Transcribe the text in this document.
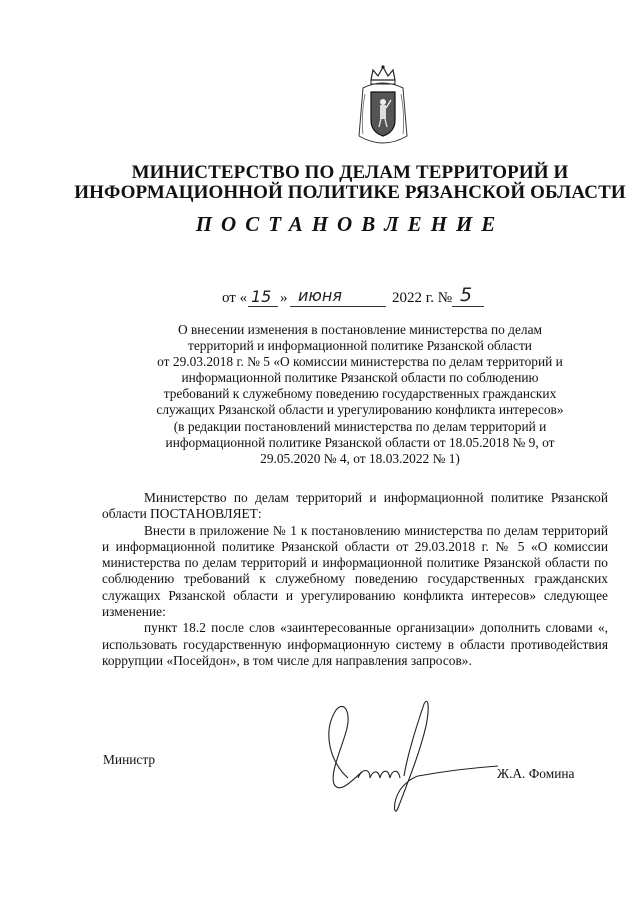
МИНИСТЕРСТВО ПО ДЕЛАМ ТЕРРИТОРИЙ И
ИНФОРМАЦИОННОЙ ПОЛИТИКЕ РЯЗАНСКОЙ ОБЛАСТИ
ПОСТАНОВЛЕНИЕ
от « 15 » июня	2022 г. № 5
О внесении изменения в постановление министерства по делам
территорий и информационной политике Рязанской области
от 29.03.2018 г. № 5 «О комиссии министерства по делам территорий и
информационной политике Рязанской области по соблюдению
требований к служебному поведению государственных гражданских
служащих Рязанской области и урегулированию конфликта интересов»
(в редакции постановлений министерства по делам территорий и
информационной политике Рязанской области от 18.05.2018 № 9, от
29.05.2020 № 4, от 18.03.2022 № 1)

Министерство по делам территорий и информационной политике Рязанской области ПОСТАНОВЛЯЕТ:

Внести в приложение № 1 к постановлению министерства по делам территорий и информационной политике Рязанской области от 29.03.2018 г. № 5 «О комиссии министерства по делам территорий и информационной политике Рязанской области по соблюдению требований к служебному поведению государственных гражданских служащих Рязанской области и урегулированию конфликта интересов» следующее изменение:

пункт 18.2 после слов «заинтересованные организации» дополнить словами «, использовать государственную информационную систему в области противодействия коррупции «Посейдон», в том числе для направления запросов».

Министр
Ж.А. Фомина
